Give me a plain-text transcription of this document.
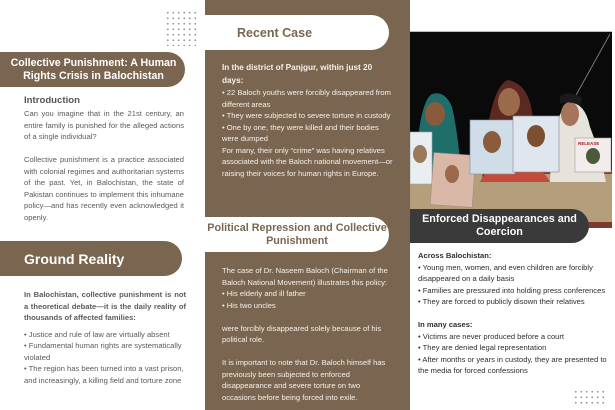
Collective Punishment: A Human Rights Crisis in Balochistan
Introduction

Can you imagine that in the 21st century, an entire family is punished for the alleged actions of a single individual?

Collective punishment is a practice associated with colonial regimes and authoritarian systems of the past. Yet, in Balochistan, the state of Pakistan continues to implement this inhumane policy—and has recently even acknowledged it openly.

Ground Reality

In Balochistan, collective punishment is not a theoretical debate—it is the daily reality of thousands of affected families:

• Justice and rule of law are virtually absent

• Fundamental human rights are systematically violated

• The region has been turned into a vast prison, and increasingly, a killing field and torture zone

Recent Case

In the district of Panjgur, within just 20 days:

• 22 Baloch youths were forcibly disappeared from different areas

• They were subjected to severe torture in custody

• One by one, they were killed and their bodies were dumped

For many, their only “crime” was having relatives associated with the Baloch national movement—or raising their voices for human rights in Europe.

Political Repression and Collective Punishment

The case of Dr. Naseem Baloch (Chairman of the Baloch National Movement) illustrates this policy:

• His elderly and ill father

• His two uncles

were forcibly disappeared solely because of his political role.

It is important to note that Dr. Baloch himself has previously been subjected to enforced disappearance and severe torture on two occasions before being forced into exile.

RELEASE
Enforced Disappearances and Coercion

Across Balochistan:

• Young men, women, and even children are forcibly disappeared on a daily basis

• Families are pressured into holding press conferences

• They are forced to publicly disown their relatives

In many cases:

• Victims are never produced before a court

• They are denied legal representation

• After months or years in custody, they are presented to the media for forced confessions
